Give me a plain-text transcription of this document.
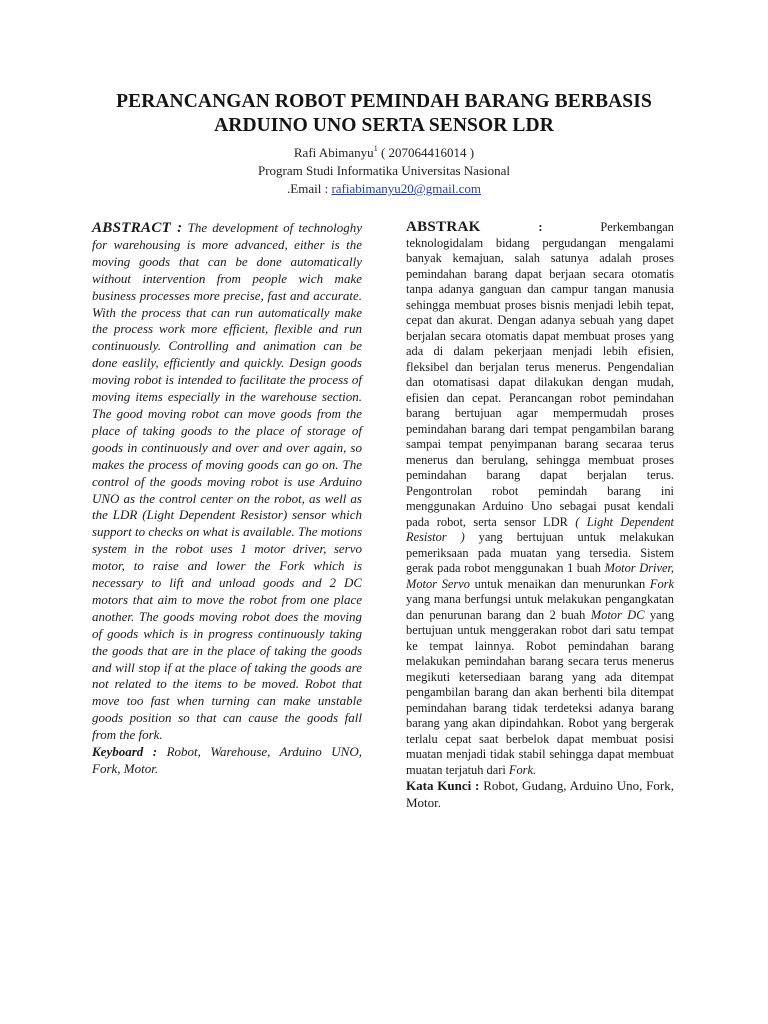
PERANCANGAN ROBOT PEMINDAH BARANG BERBASIS
ARDUINO UNO SERTA SENSOR LDR
Rafi Abimanyu$^1$ ( 207064416014 )
Program Studi Informatika Universitas Nasional
.Email : rafiabimanyu20@gmail.com

ABSTRACT : The development of technologhy for warehousing is more advanced, either is the moving goods that can be done automatically without intervention from people wich make business processes more precise, fast and accurate. With the process that can run automatically make the process work more efficient, flexible and run continuously. Controlling and animation can be done easlily, efficiently and quickly. Design goods moving robot is intended to facilitate the process of moving items especially in the warehouse section. The good moving robot can move goods from the place of taking goods to the place of storage of goods in continuously and over and over again, so makes the process of moving goods can go on. The control of the goods moving robot is use Arduino UNO as the control center on the robot, as well as the LDR (Light Dependent Resistor) sensor which support to checks on what is available. The motions system in the robot uses 1 motor driver, servo motor, to raise and lower the Fork which is necessary to lift and unload goods and 2 DC motors that aim to move the robot from one place another. The goods moving robot does the moving of goods which is in progress continuously taking the goods that are in the place of taking the goods and will stop if at the place of taking the goods are not related to the items to be moved. Robot that move too fast when turning can make unstable goods position so that can cause the goods fall from the fork.

Keyboard : Robot, Warehouse, Arduino UNO, Fork, Motor.

ABSTRAK : Perkembangan teknologidalam bidang pergudangan mengalami banyak kemajuan, salah satunya adalah proses pemindahan barang dapat berjaan secara otomatis tanpa adanya ganguan dan campur tangan manusia sehingga membuat proses bisnis menjadi lebih tepat, cepat dan akurat. Dengan adanya sebuah yang dapet berjalan secara otomatis dapat membuat proses yang ada di dalam pekerjaan menjadi lebih efisien, fleksibel dan berjalan terus menerus. Pengendalian dan otomatisasi dapat dilakukan dengan mudah, efisien dan cepat. Perancangan robot pemindahan barang bertujuan agar mempermudah proses pemindahan barang dari tempat pengambilan barang sampai tempat penyimpanan barang secaraa terus menerus dan berulang, sehingga membuat proses pemindahan barang dapat berjalan terus. Pengontrolan robot pemindah barang ini menggunakan Arduino Uno sebagai pusat kendali pada robot, serta sensor LDR ( Light Dependent Resistor ) yang bertujuan untuk melakukan pemeriksaan pada muatan yang tersedia. Sistem gerak pada robot menggunakan 1 buah Motor Driver, Motor Servo untuk menaikan dan menurunkan Fork yang mana berfungsi untuk melakukan pengangkatan dan penurunan barang dan 2 buah Motor DC yang bertujuan untuk menggerakan robot dari satu tempat ke tempat lainnya. Robot pemindahan barang melakukan pemindahan barang secara terus menerus megikuti ketersediaan barang yang ada ditempat pengambilan barang dan akan berhenti bila ditempat pemindahan barang tidak terdeteksi adanya barang barang yang akan dipindahkan. Robot yang bergerak terlalu cepat saat berbelok dapat membuat posisi muatan menjadi tidak stabil sehingga dapat membuat muatan terjatuh dari Fork.

Kata Kunci : Robot, Gudang, Arduino Uno, Fork, Motor.
